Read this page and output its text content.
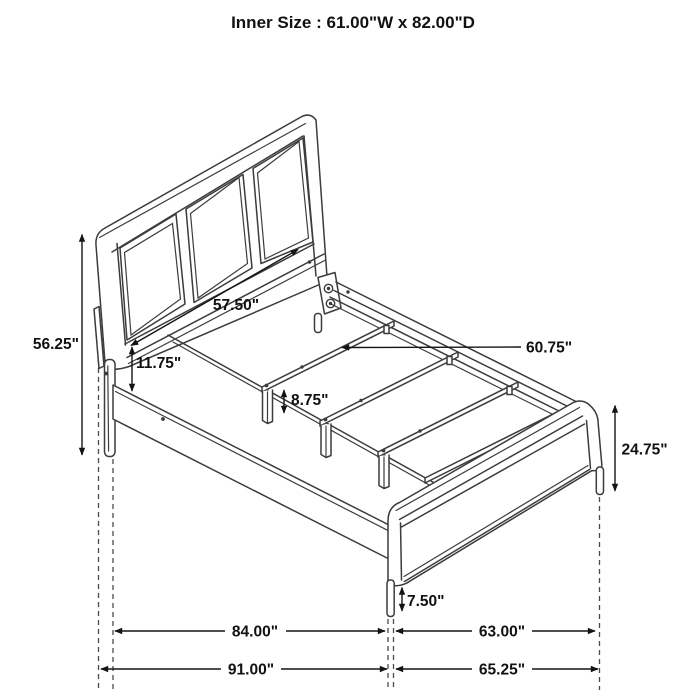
Inner Size : 61.00"W x 82.00"D
56.25"
57.50"
11.75"
8.75"
60.75"
24.75"
7.50"
84.00"	63.00"
91.00"	65.25"
